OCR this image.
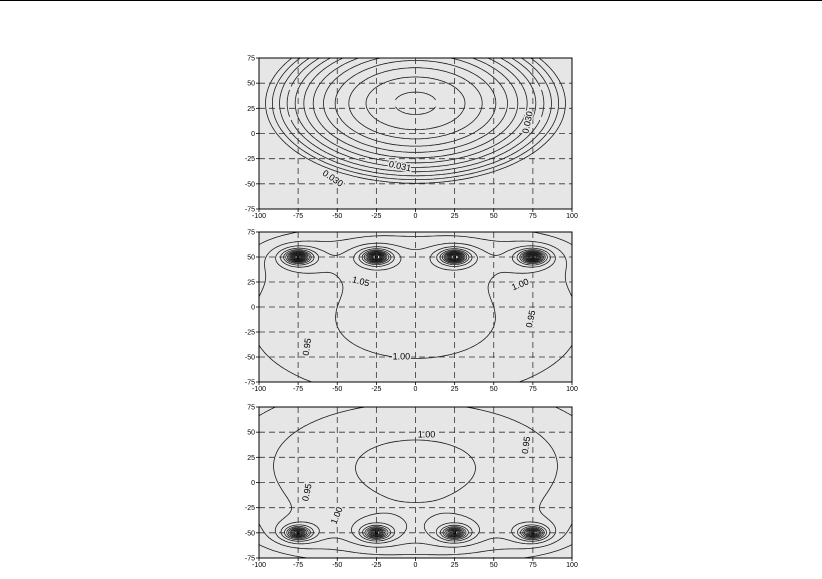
0.031
0.030
0.030
-100	-75	-50	-25	0	25	50	75	100
75
50
25
0
-25
-50
-75
1.05	1.00
0.95
0.95
1.00
-100	-75	-50	-25	0	25	50	75	100
75
50
25
0
-25
-50
-75
1.00
0.95
0.95
1.00
-100	-75	-50	-25	0	25	50	75	100
75
50
25
0
-25
-50
-75
